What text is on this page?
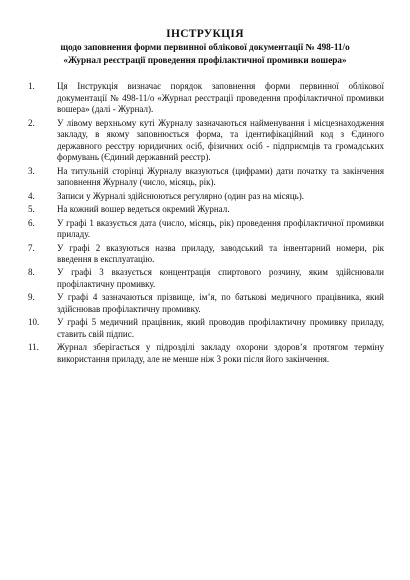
ІНСТРУКЦІЯ
щодо заповнення форми первинної облікової документації № 498-11/о
«Журнал реєстрації проведення профілактичної промивки вошера»
1.	Ця Інструкція визначає порядок заповнення форми первинної облікової документації № 498-11/о «Журнал реєстрації проведення профілактичної промивки вошера» (далі - Журнал).
2.	У лівому верхньому куті Журналу зазначаються найменування і місцезнаходження закладу, в якому заповнюється форма, та ідентифікаційний код з Єдиного державного реєстру юридичних осіб, фізичних осіб - підприємців та громадських формувань (Єдиний державний реєстр).
3.	На титульній сторінці Журналу вказуються (цифрами) дати початку та закінчення заповнення Журналу (число, місяць, рік).
4.	Записи у Журналі здійснюються регулярно (один раз на місяць).
5.	На кожний вошер ведеться окремий Журнал.
6.	У графі 1 вказується дата (число, місяць, рік) проведення профілактичної промивки приладу.
7.	У графі 2 вказуються назва приладу, заводський та інвентарний номери, рік введення в експлуатацію.
8.	У графі 3 вказується концентрація спиртового розчину, яким здійснювали профілактичну промивку.
9.	У графі 4 зазначаються прізвище, ім’я, по батькові медичного працівника, який здійснював профілактичну промивку.
10.	У графі 5 медичний працівник, який проводив профілактичну промивку приладу, ставить свій підпис.
11.	Журнал зберігається у підрозділі закладу охорони здоров’я протягом терміну використання приладу, але не менше ніж 3 роки після його закінчення.
